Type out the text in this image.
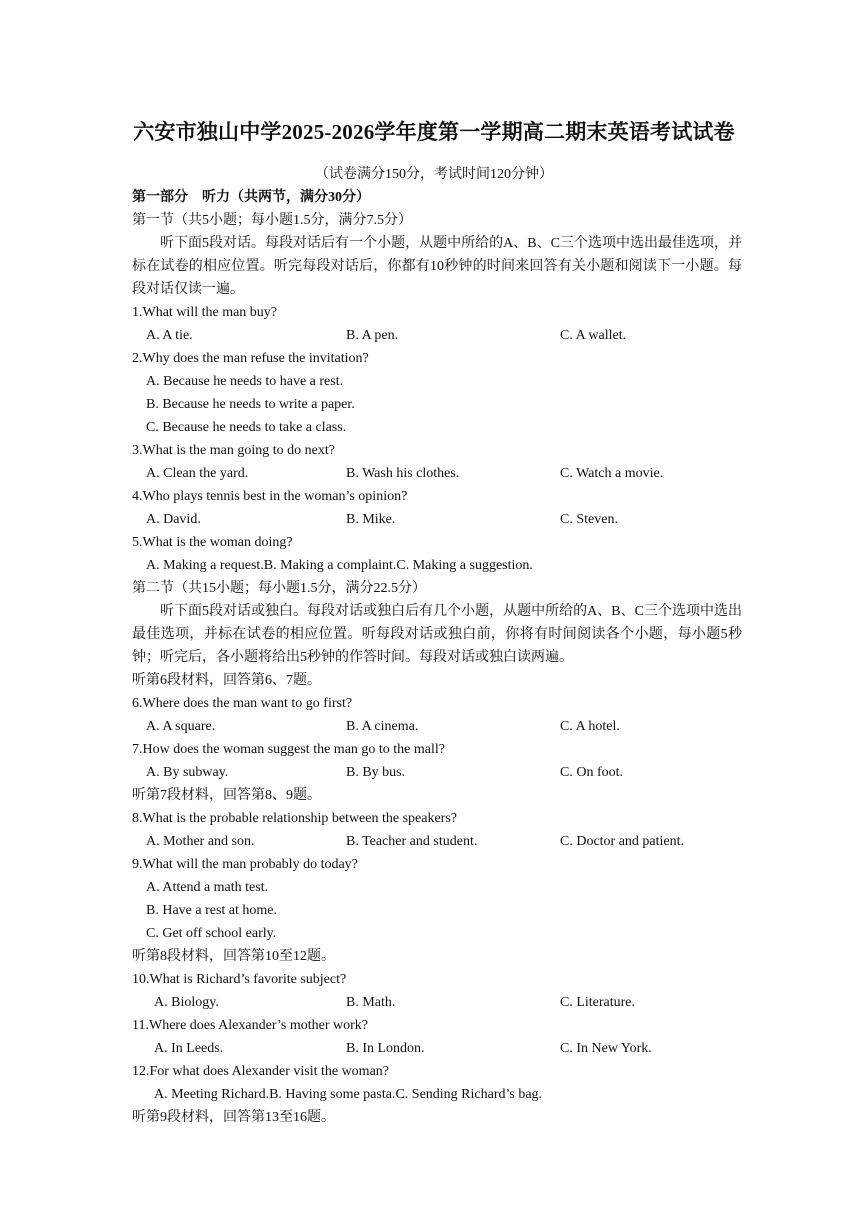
六安市独山中学2025-2026学年度第一学期高二期末英语考试试卷
（试卷满分150分，考试时间120分钟）
第一部分　听力（共两节，满分30分）
第一节（共5小题；每小题1.5分，满分7.5分）
听下面5段对话。每段对话后有一个小题，从题中所给的A、B、C三个选项中选出最佳选项，并标在试卷的相应位置。听完每段对话后，你都有10秒钟的时间来回答有关小题和阅读下一小题。每段对话仅读一遍。
1.What will the man buy?
A. A tie.	B. A pen.	C. A wallet.
2.Why does the man refuse the invitation?
A. Because he needs to have a rest.
B. Because he needs to write a paper.
C. Because he needs to take a class.
3.What is the man going to do next?
A. Clean the yard.	B. Wash his clothes.	C. Watch a movie.
4.Who plays tennis best in the woman’s opinion?
A. David.	B. Mike.	C. Steven.
5.What is the woman doing?
A. Making a request.B. Making a complaint.C. Making a suggestion.
第二节（共15小题；每小题1.5分，满分22.5分）
听下面5段对话或独白。每段对话或独白后有几个小题，从题中所给的A、B、C三个选项中选出最佳选项，并标在试卷的相应位置。听每段对话或独白前，你将有时间阅读各个小题，每小题5秒钟；听完后，各小题将给出5秒钟的作答时间。每段对话或独白读两遍。
听第6段材料，回答第6、7题。
6.Where does the man want to go first?
A. A square.	B. A cinema.	C. A hotel.
7.How does the woman suggest the man go to the mall?
A. By subway.	B. By bus.	C. On foot.
听第7段材料，回答第8、9题。
8.What is the probable relationship between the speakers?
A. Mother and son.	B. Teacher and student.	C. Doctor and patient.
9.What will the man probably do today?
A. Attend a math test.
B. Have a rest at home.
C. Get off school early.
听第8段材料，回答第10至12题。
10.What is Richard’s favorite subject?
A. Biology.	B. Math.	C. Literature.
11.Where does Alexander’s mother work?
A. In Leeds.	B. In London.	C. In New York.
12.For what does Alexander visit the woman?
A. Meeting Richard.B. Having some pasta.C. Sending Richard’s bag.
听第9段材料，回答第13至16题。
